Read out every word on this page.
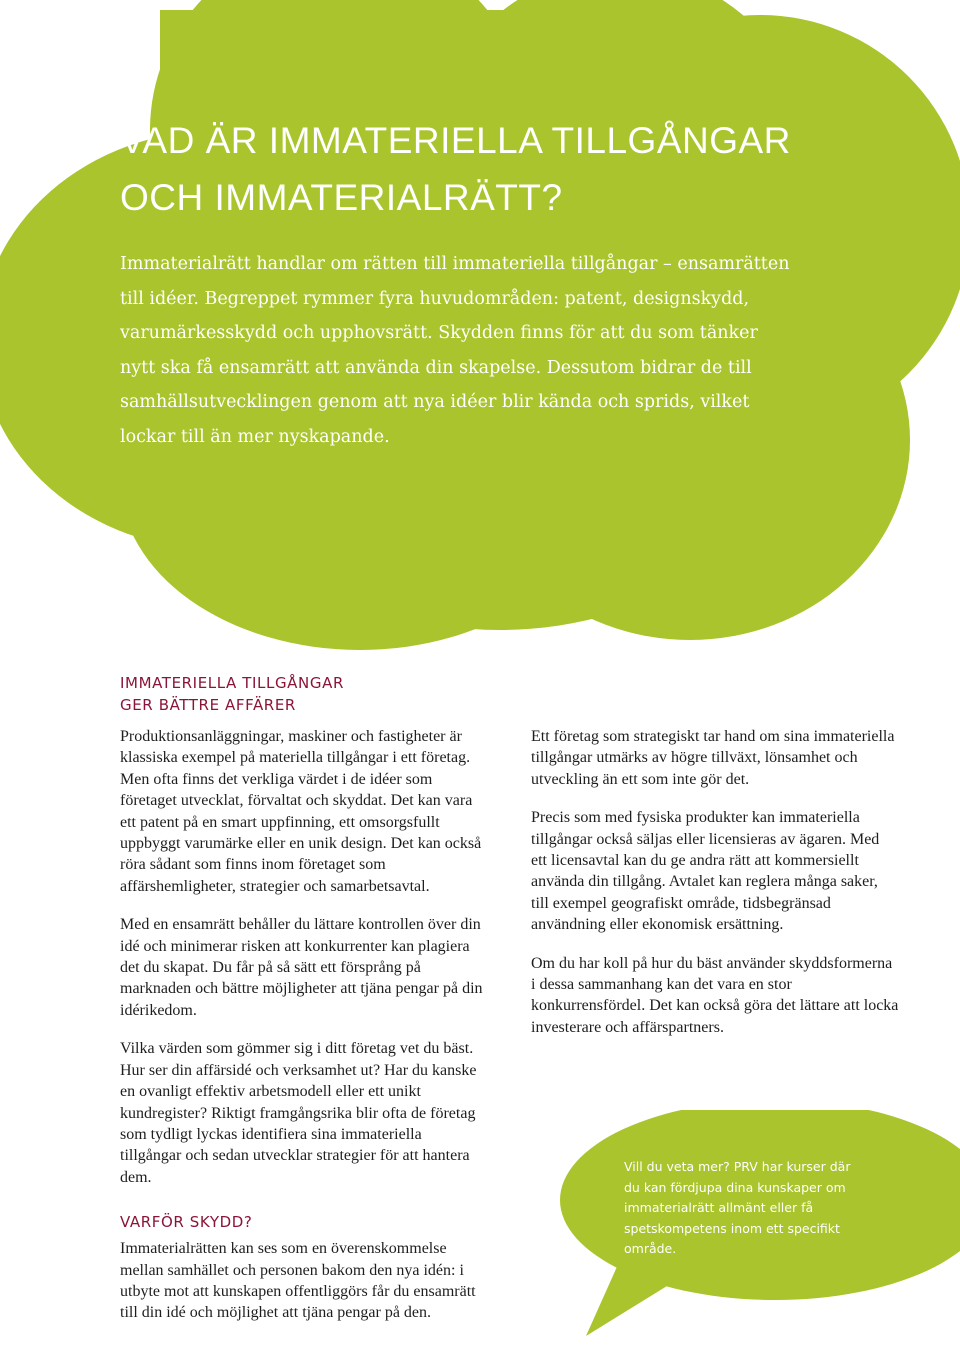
VAD ÄR IMMATERIELLA TILLGÅNGAR
OCH IMMATERIALRÄTT?

Immaterialrätt handlar om rätten till immateriella tillgångar – ensamrätten till idéer. Begreppet rymmer fyra huvudområden: patent, designskydd, varumärkesskydd och upphovsrätt. Skydden finns för att du som tänker nytt ska få ensamrätt att använda din skapelse. Dessutom bidrar de till samhällsutvecklingen genom att nya idéer blir kända och sprids, vilket lockar till än mer nyskapande.

IMMATERIELLA TILLGÅNGAR
GER BÄTTRE AFFÄRER

Produktionsanläggningar, maskiner och fastigheter är klassiska exempel på materiella tillgångar i ett företag. Men ofta finns det verkliga värdet i de idéer som företaget utvecklat, förvaltat och skyddat. Det kan vara ett patent på en smart uppfinning, ett omsorgsfullt uppbyggt varumärke eller en unik design. Det kan också röra sådant som finns inom företaget som affärshemligheter, strategier och samarbetsavtal.

Med en ensamrätt behåller du lättare kontrollen över din idé och minimerar risken att konkurrenter kan plagiera det du skapat. Du får på så sätt ett försprång på marknaden och bättre möjligheter att tjäna pengar på din idérikedom.

Vilka värden som gömmer sig i ditt företag vet du bäst. Hur ser din affärsidé och verksamhet ut? Har du kanske en ovanligt effektiv arbetsmodell eller ett unikt kundregister? Riktigt framgångsrika blir ofta de företag som tydligt lyckas identifiera sina immateriella tillgångar och sedan utvecklar strategier för att hantera dem.

VARFÖR SKYDD?

Immaterialrätten kan ses som en överenskommelse mellan samhället och personen bakom den nya idén: i utbyte mot att kunskapen offentliggörs får du ensamrätt till din idé och möjlighet att tjäna pengar på den.

Ett företag som strategiskt tar hand om sina immateriella tillgångar utmärks av högre tillväxt, lönsamhet och utveckling än ett som inte gör det.

Precis som med fysiska produkter kan immateriella tillgångar också säljas eller licensieras av ägaren. Med ett licensavtal kan du ge andra rätt att kommersiellt använda din tillgång. Avtalet kan reglera många saker, till exempel geografiskt område, tidsbegränsad användning eller ekonomisk ersättning.

Om du har koll på hur du bäst använder skyddsformerna i dessa sammanhang kan det vara en stor konkurrensfördel. Det kan också göra det lättare att locka investerare och affärspartners.

Vill du veta mer? PRV har kurser där du kan fördjupa dina kunskaper om immaterialrätt allmänt eller få spetskompetens inom ett specifikt område.
